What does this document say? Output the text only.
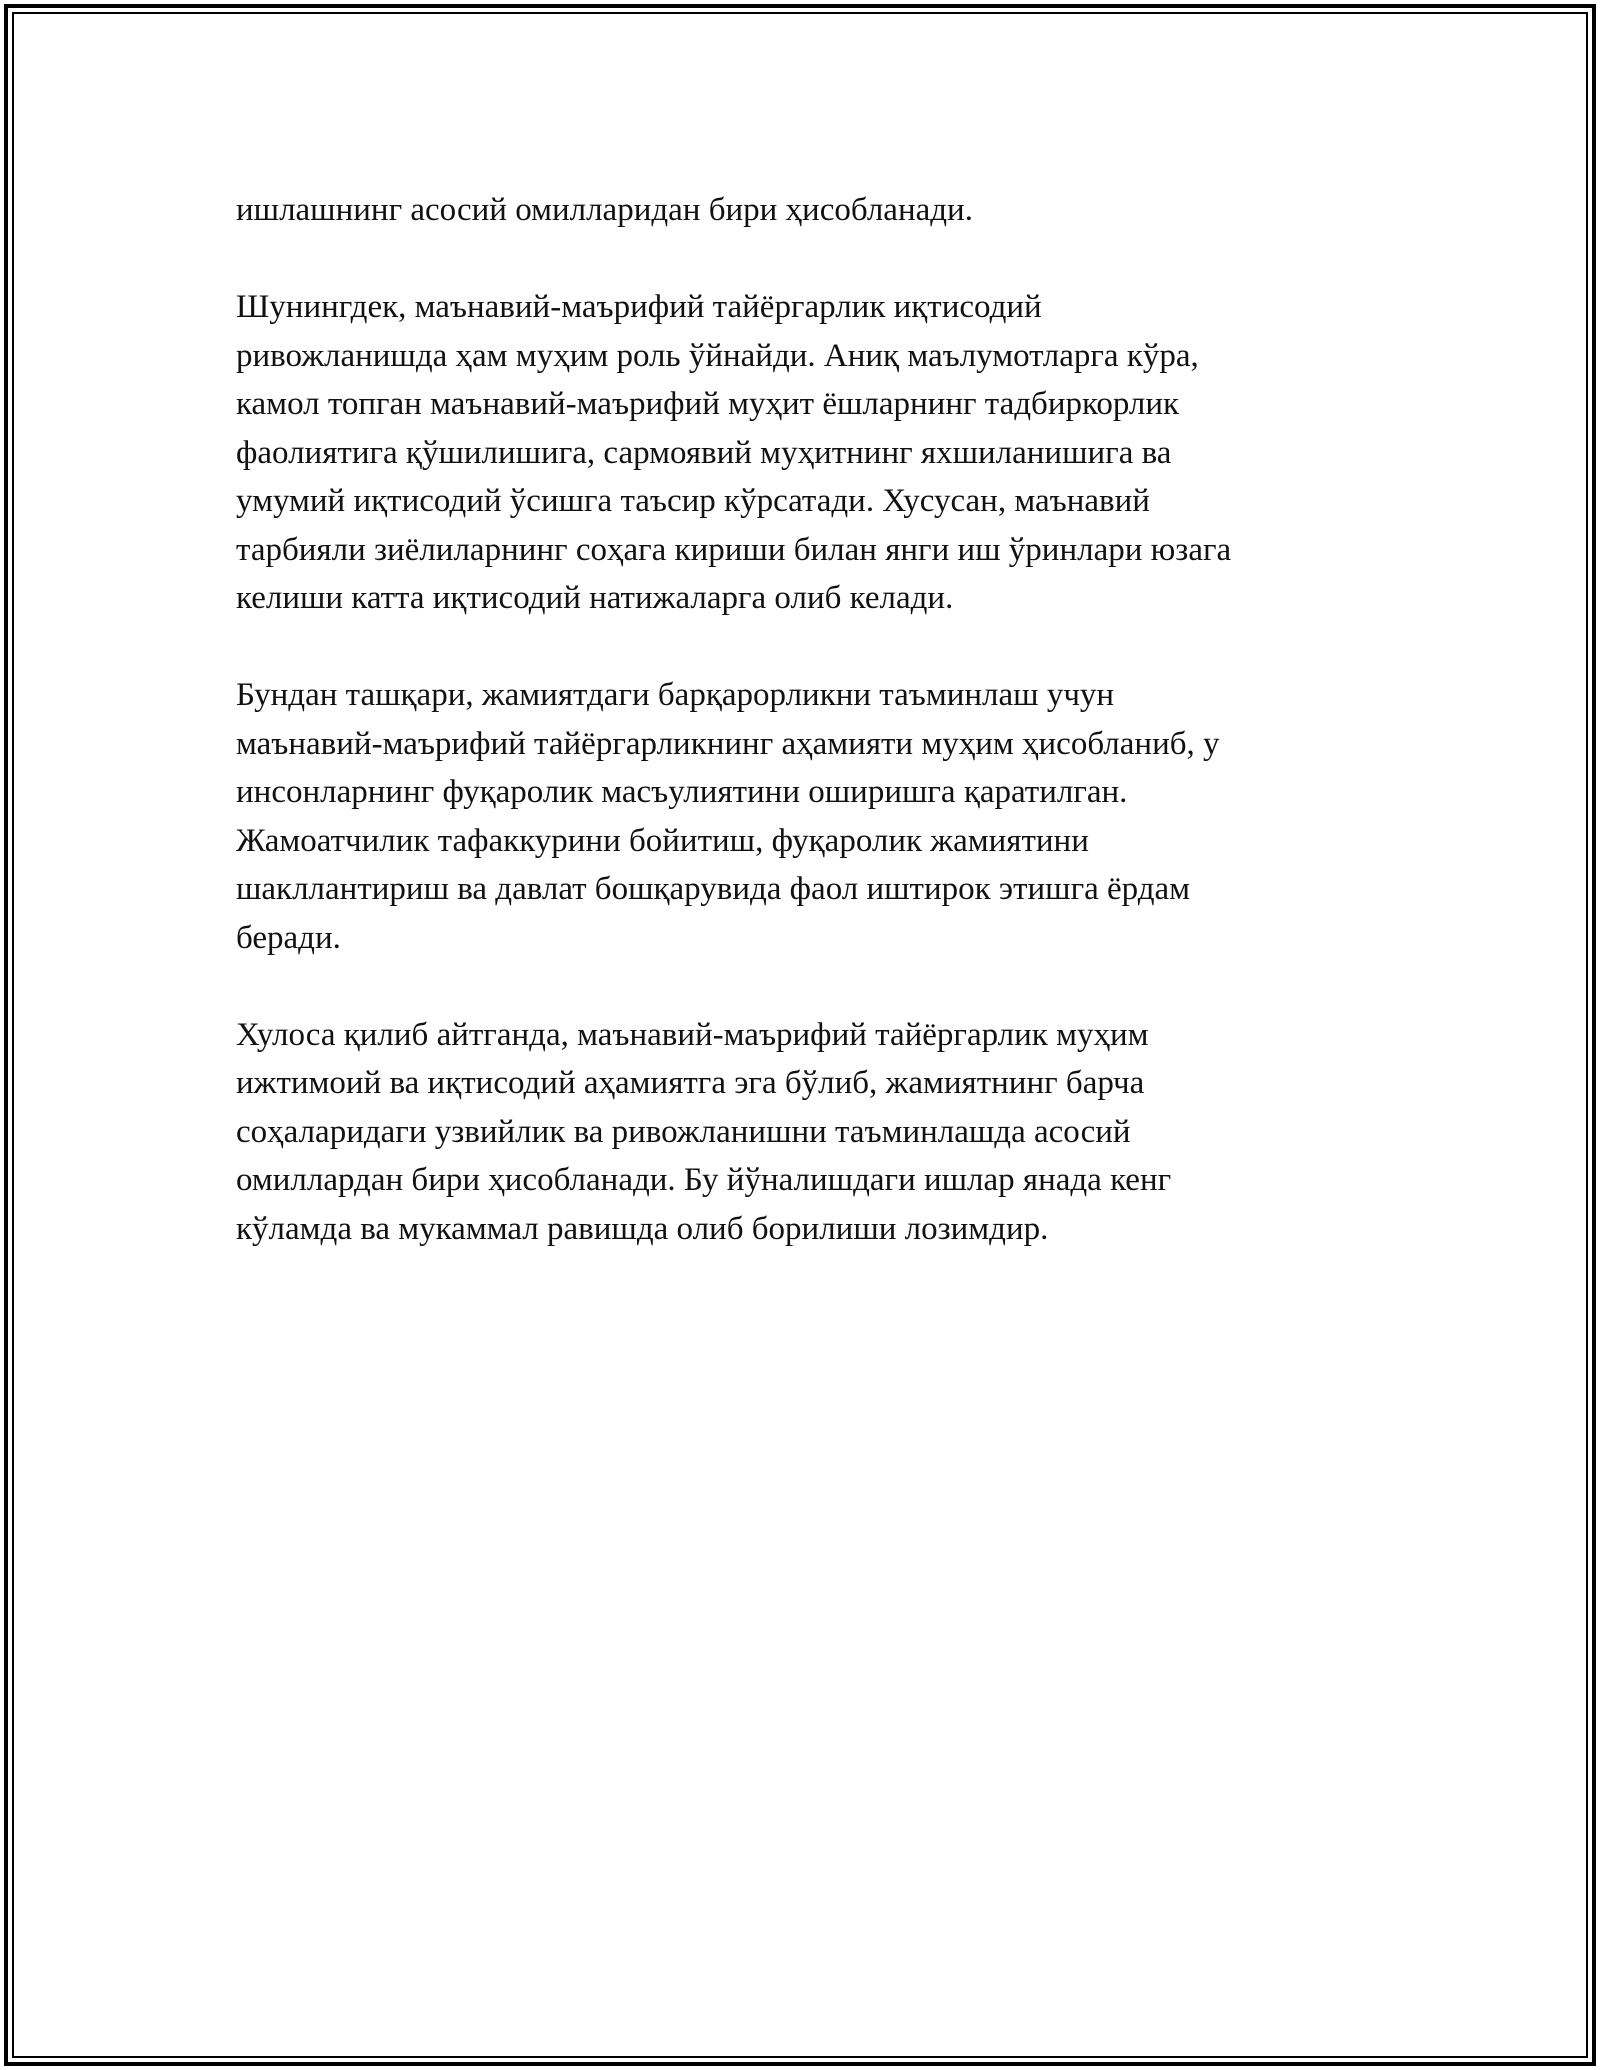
ишлашнинг асосий омилларидан бири ҳисобланади.

Шунингдек, маънавий-маърифий тайёргарлик иқтисодий
ривожланишда ҳам муҳим роль ўйнайди. Аниқ маълумотларга кўра,
камол топган маънавий-маърифий муҳит ёшларнинг тадбиркорлик
фаолиятига қўшилишига, сармоявий муҳитнинг яхшиланишига ва
умумий иқтисодий ўсишга таъсир кўрсатади. Хусусан, маънавий
тарбияли зиёлиларнинг соҳага кириши билан янги иш ўринлари юзага
келиши катта иқтисодий натижаларга олиб келади.

Бундан ташқари, жамиятдаги барқарорликни таъминлаш учун
маънавий-маърифий тайёргарликнинг аҳамияти муҳим ҳисобланиб, у
инсонларнинг фуқаролик масъулиятини оширишга қаратилган.
Жамоатчилик тафаккурини бойитиш, фуқаролик жамиятини
шакллантириш ва давлат бошқарувида фаол иштирок этишга ёрдам
беради.

Хулоса қилиб айтганда, маънавий-маърифий тайёргарлик муҳим
ижтимоий ва иқтисодий аҳамиятга эга бўлиб, жамиятнинг барча
соҳаларидаги узвийлик ва ривожланишни таъминлашда асосий
омиллардан бири ҳисобланади. Бу йўналишдаги ишлар янада кенг
кўламда ва мукаммал равишда олиб борилиши лозимдир.
